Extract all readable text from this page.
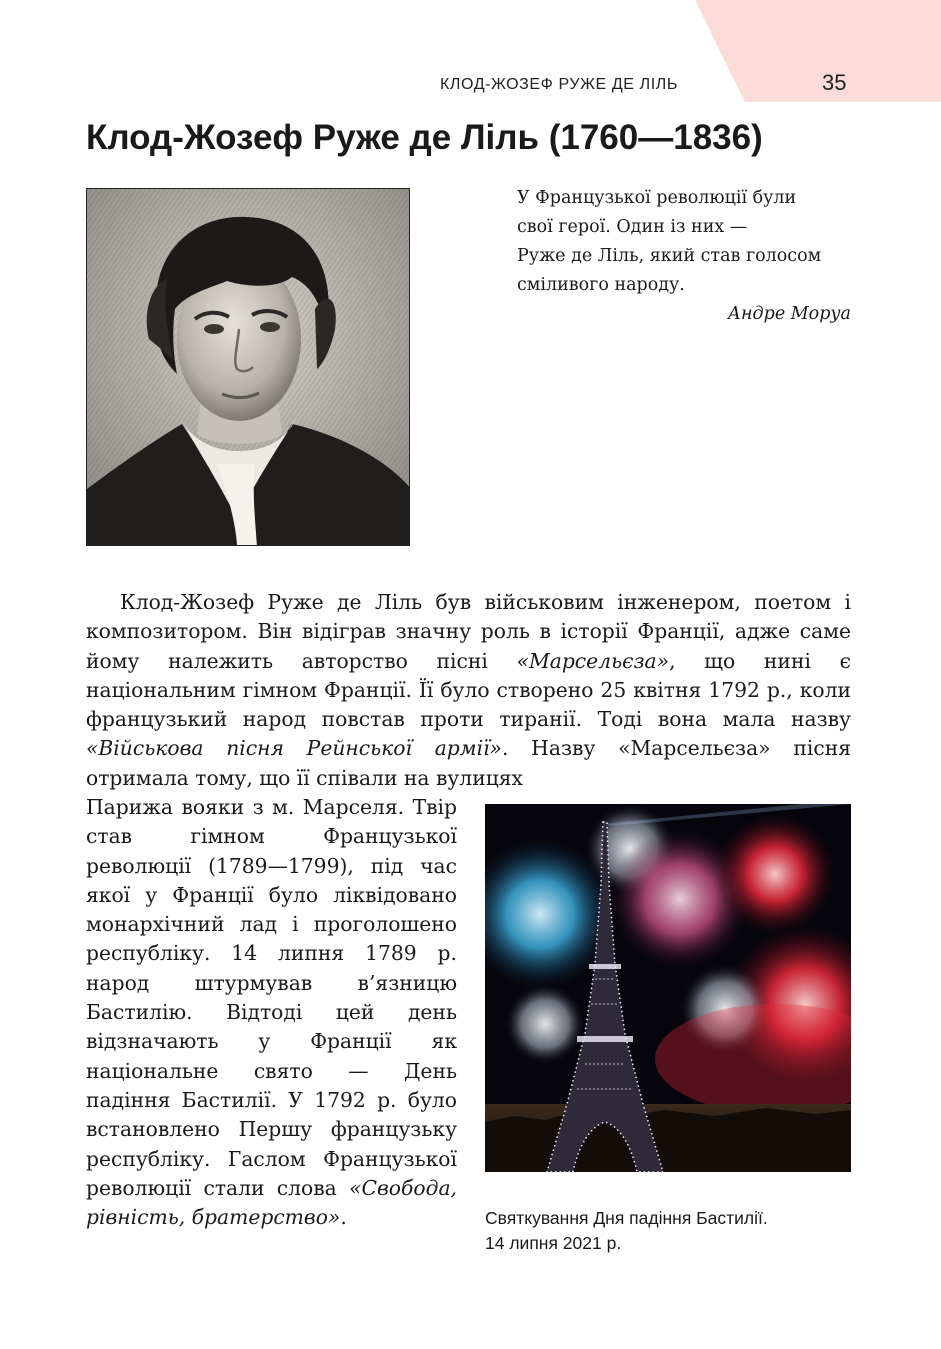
КЛОД-ЖОЗЕФ РУЖЕ ДЕ ЛІЛЬ	35
Клод-Жозеф Руже де Ліль (1760—1836)

У Французької революції були

свої герої. Один із них —

Руже де Ліль, який став голосом

сміливого народу.

Андре Моруа

Клод-Жозеф Руже де Ліль був військовим інженером, поетом і композитором. Він відіграв значну роль в історії Франції, адже саме йому належить авторство пісні «Марсельєза», що нині є національним гімном Франції. Її було створено 25 квітня 1792 р., коли французький народ повстав проти тиранії. Тоді вона мала назву «Військова пісня Рейнської армії». Назву «Марсельєза» пісня отримала тому, що її співали на вулицях

Парижа вояки з м. Марселя. Твір став гімном Французької революції (1789—1799), під час якої у Франції було ліквідовано монархічний лад і проголошено республіку. 14 липня 1789 р. народ штурмував в’язницю Бастилію. Відтоді цей день відзначають у Франції як національне свято — День падіння Бастилії. У 1792 р. було встановлено Першу французьку республіку. Гаслом Французької революції стали слова «Свобода, рівність, братерство».	Святкування Дня падіння Бастилії.
14 липня 2021 р.
